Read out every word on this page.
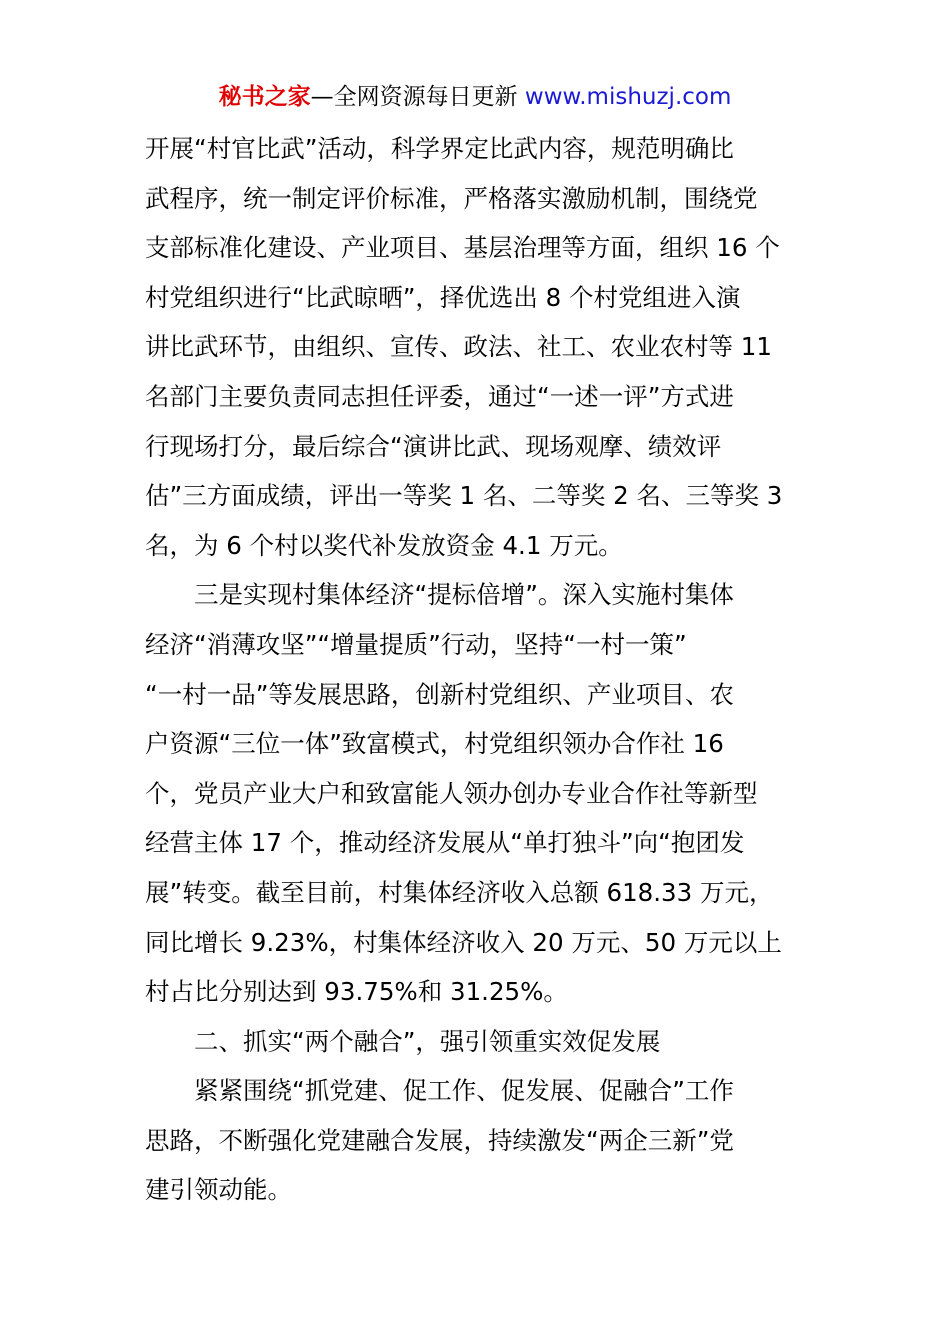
秘书之家—全网资源每日更新 www.mishuzj.com
开展“村官比武”活动，科学界定比武内容，规范明确比
武程序，统一制定评价标准，严格落实激励机制，围绕党
支部标准化建设、产业项目、基层治理等方面，组织 16 个
村党组织进行“比武晾晒”，择优选出 8 个村党组进入演
讲比武环节，由组织、宣传、政法、社工、农业农村等 11
名部门主要负责同志担任评委，通过“一述一评”方式进
行现场打分，最后综合“演讲比武、现场观摩、绩效评
估”三方面成绩，评出一等奖 1 名、二等奖 2 名、三等奖 3
名，为 6 个村以奖代补发放资金 4.1 万元。
三是实现村集体经济“提标倍增”。深入实施村集体
经济“消薄攻坚”“增量提质”行动，坚持“一村一策”
“一村一品”等发展思路，创新村党组织、产业项目、农
户资源“三位一体”致富模式，村党组织领办合作社 16
个，党员产业大户和致富能人领办创办专业合作社等新型
经营主体 17 个，推动经济发展从“单打独斗”向“抱团发
展”转变。截至目前，村集体经济收入总额 618.33 万元，
同比增长 9.23%，村集体经济收入 20 万元、50 万元以上
村占比分别达到 93.75%和 31.25%。
二、抓实“两个融合”，强引领重实效促发展
紧紧围绕“抓党建、促工作、促发展、促融合”工作
思路，不断强化党建融合发展，持续激发“两企三新”党
建引领动能。
